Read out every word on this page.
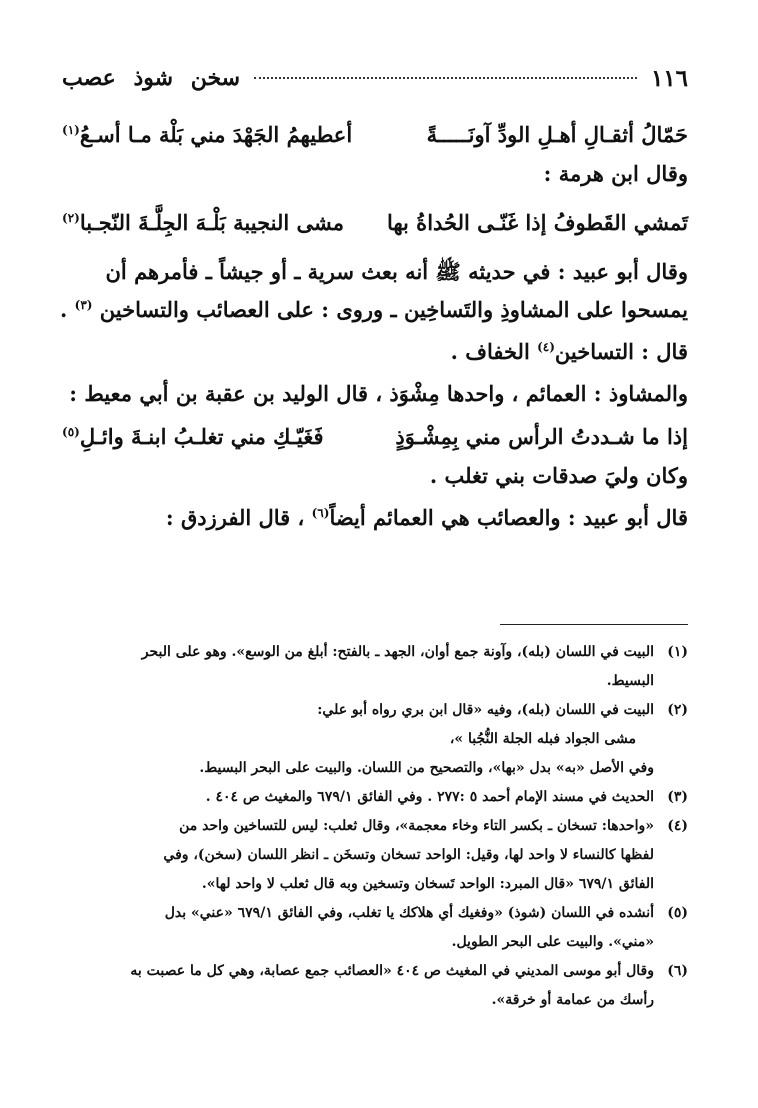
١١٦
سخن شوذ عصب
حَمّالُ أثقـالِ أهـلِ الودِّ آونَـــــةً
أعطيهمُ الجَهْدَ مني بَلْة مـا أسـعُ$^{(١)}$
وقال ابن هرمة :
تَمشي القَطوفُ إذا غَنّـى الحُداةُ بها
مشى النجيبة بَلْـهَ الجِلَّـةَ النّجـبا$^{(٢)}$
وقال أبو عبيد : في حديثه ﷺ أنه بعث سرية ـ أو جيشاً ـ فأمرهم أن
يمسحوا على المشاوذِ والتَساخِين ـ وروى : على العصائب والتساخين $^{(٣)}$ .
قال : التساخين$^{(٤)}$ الخفاف .
والمشاوذ : العمائم ، واحدها مِشْوَذ ، قال الوليد بن عقبة بن أبي معيط :
إذا ما شـددتُ الرأس مني بِمِشْـوَذٍ
فَغَيّـكِ مني تغلـبُ ابنـةَ وائـلِ$^{(٥)}$
وكان وليَ صدقات بني تغلب .
قال أبو عبيد : والعصائب هي العمائم أيضاً$^{(٦)}$ ، قال الفرزدق :
(١)
البيت في اللسان (بله)، وآونة جمع أوان، الجهد ـ بالفتح: أبلغ من الوسع». وهو على البحر
البسيط.
(٢)
البيت في اللسان (بله)، وفيه «قال ابن بري رواه أبو علي:
مشى الجواد فبله الجلة النُّجُبا »،
وفي الأصل «به» بدل «بها»، والتصحيح من اللسان. والبيت على البحر البسيط.
(٣)
الحديث في مسند الإمام أحمد ٥ :٢٧٧ . وفي الفائق ٦٧٩/١ والمغيث ص ٤٠٤ .
(٤)
«واحدها: تسخان ـ بكسر التاء وخاء معجمة»، وقال ثعلب: ليس للتساخين واحد من
لفظها كالنساء لا واحد لها، وقيل: الواحد تسخان وتسخَن ـ انظر اللسان (سخن)، وفي
الفائق ٦٧٩/١ «قال المبرد: الواحد تَسخان وتسخين وبه قال ثعلب لا واحد لها».
(٥)
أنشده في اللسان (شوذ) «وفغيك أي هلاكك يا تغلب، وفي الفائق ٦٧٩/١ «عني» بدل
«مني». والبيت على البحر الطويل.
(٦)
وقال أبو موسى المديني في المغيث ص ٤٠٤ «العصائب جمع عصابة، وهي كل ما عصبت به
رأسك من عمامة أو خرقة».
